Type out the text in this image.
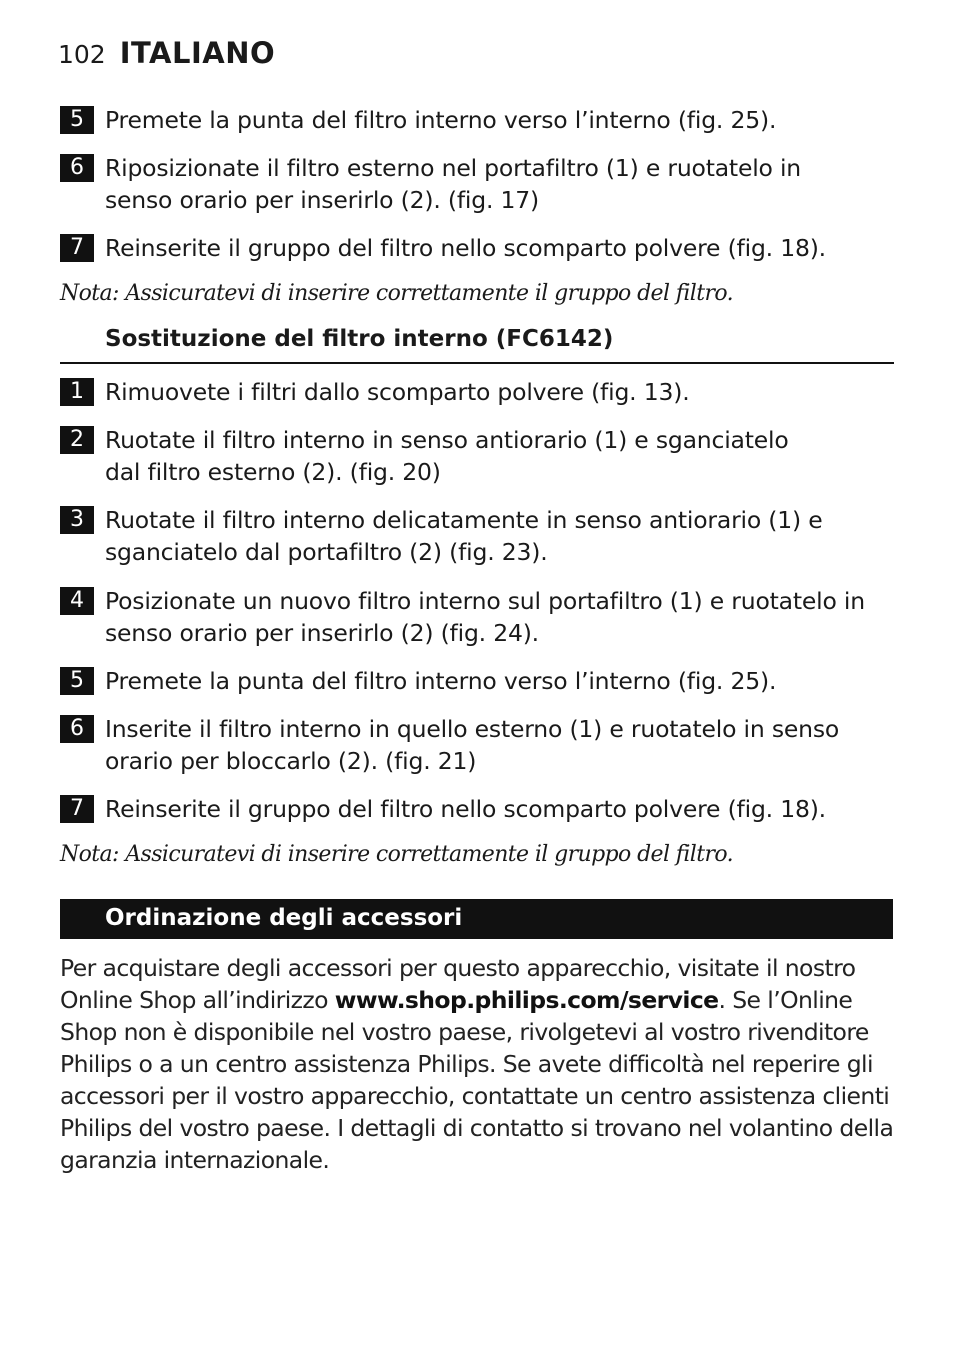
102 ITALIANO
5 Premete la punta del filtro interno verso l’interno (fig. 25).
6 Riposizionate il filtro esterno nel portafiltro (1) e ruotatelo in senso orario per inserirlo (2). (fig. 17)
7 Reinserite il gruppo del filtro nello scomparto polvere (fig. 18).
Nota: Assicuratevi di inserire correttamente il gruppo del filtro.
Sostituzione del filtro interno (FC6142)
1 Rimuovete i filtri dallo scomparto polvere (fig. 13).
2 Ruotate il filtro interno in senso antiorario (1) e sganciatelo dal filtro esterno (2). (fig. 20)
3 Ruotate il filtro interno delicatamente in senso antiorario (1) e sganciatelo dal portafiltro (2) (fig. 23).
4 Posizionate un nuovo filtro interno sul portafiltro (1) e ruotatelo in senso orario per inserirlo (2) (fig. 24).
5 Premete la punta del filtro interno verso l’interno (fig. 25).
6 Inserite il filtro interno in quello esterno (1) e ruotatelo in senso orario per bloccarlo (2). (fig. 21)
7 Reinserite il gruppo del filtro nello scomparto polvere (fig. 18).
Nota: Assicuratevi di inserire correttamente il gruppo del filtro.
Ordinazione degli accessori
Per acquistare degli accessori per questo apparecchio, visitate il nostro Online Shop all’indirizzo www.shop.philips.com/service. Se l’Online Shop non è disponibile nel vostro paese, rivolgetevi al vostro rivenditore Philips o a un centro assistenza Philips. Se avete difficoltà nel reperire gli accessori per il vostro apparecchio, contattate un centro assistenza clienti Philips del vostro paese. I dettagli di contatto si trovano nel volantino della garanzia internazionale.
